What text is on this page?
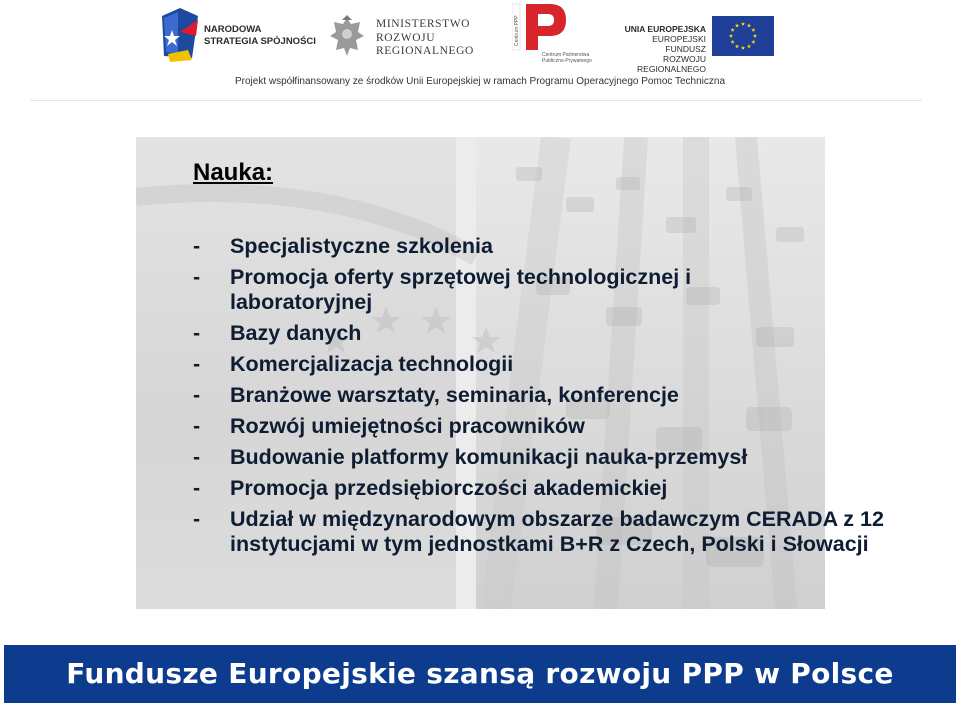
NARODOWA
STRATEGIA SPÓJNOŚCI
MINISTERSTWO
ROZWOJU
REGIONALNEGO
Centrum PPP
Centrum Partnerstwa
Publiczno-Prywatnego
UNIA EUROPEJSKA
EUROPEJSKI FUNDUSZ
ROZWOJU REGIONALNEGO
Projekt współfinansowany ze środków Unii Europejskiej w ramach Programu Operacyjnego Pomoc Techniczna
Nauka:
- Specjalistyczne szkolenia
- Promocja oferty sprzętowej technologicznej i laboratoryjnej
- Bazy danych
- Komercjalizacja technologii
- Branżowe warsztaty, seminaria, konferencje
- Rozwój umiejętności pracowników
- Budowanie platformy komunikacji nauka-przemysł
- Promocja przedsiębiorczości akademickiej
- Udział w międzynarodowym obszarze badawczym CERADA z 12 instytucjami w tym jednostkami B+R z Czech, Polski i Słowacji
Fundusze Europejskie szansą rozwoju PPP w Polsce
